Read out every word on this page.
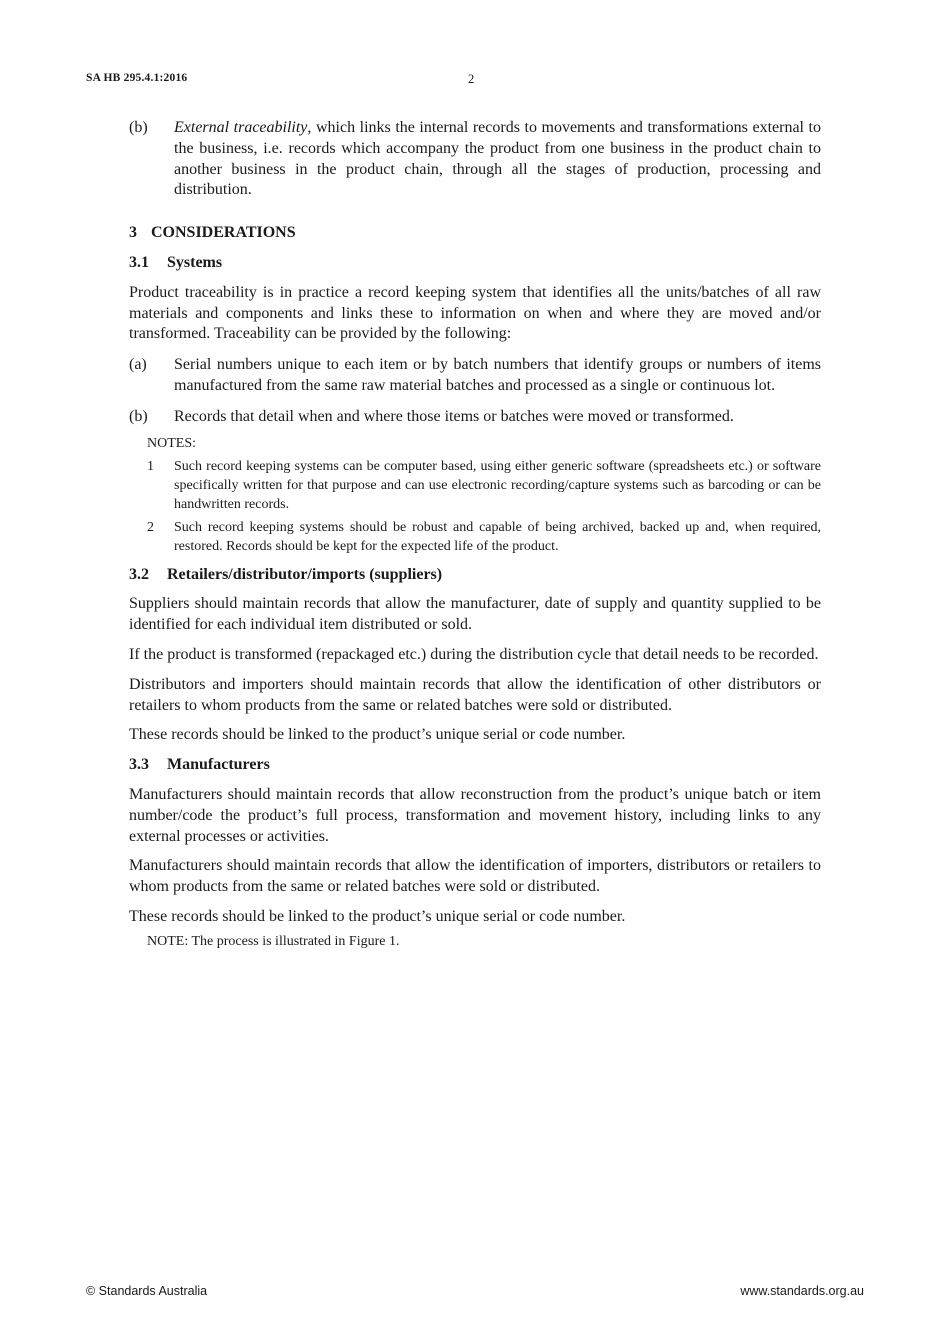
SA HB 295.4.1:2016	2
(b)	External traceability, which links the internal records to movements and transformations external to the business, i.e. records which accompany the product from one business in the product chain to another business in the product chain, through all the stages of production, processing and distribution.
3 CONSIDERATIONS
3.1 Systems

Product traceability is in practice a record keeping system that identifies all the units/batches of all raw materials and components and links these to information on when and where they are moved and/or transformed. Traceability can be provided by the following:

(a)	Serial numbers unique to each item or by batch numbers that identify groups or numbers of items manufactured from the same raw material batches and processed as a single or continuous lot.
(b)	Records that detail when and where those items or batches were moved or transformed.
NOTES:
1	Such record keeping systems can be computer based, using either generic software (spreadsheets etc.) or software specifically written for that purpose and can use electronic recording/capture systems such as barcoding or can be handwritten records.
2	Such record keeping systems should be robust and capable of being archived, backed up and, when required, restored. Records should be kept for the expected life of the product.
3.2 Retailers/distributor/imports (suppliers)

Suppliers should maintain records that allow the manufacturer, date of supply and quantity supplied to be identified for each individual item distributed or sold.

If the product is transformed (repackaged etc.) during the distribution cycle that detail needs to be recorded.

Distributors and importers should maintain records that allow the identification of other distributors or retailers to whom products from the same or related batches were sold or distributed.

These records should be linked to the product’s unique serial or code number.

3.3 Manufacturers

Manufacturers should maintain records that allow reconstruction from the product’s unique batch or item number/code the product’s full process, transformation and movement history, including links to any external processes or activities.

Manufacturers should maintain records that allow the identification of importers, distributors or retailers to whom products from the same or related batches were sold or distributed.

These records should be linked to the product’s unique serial or code number.

NOTE: The process is illustrated in Figure 1.
© Standards Australia	www.standards.org.au
